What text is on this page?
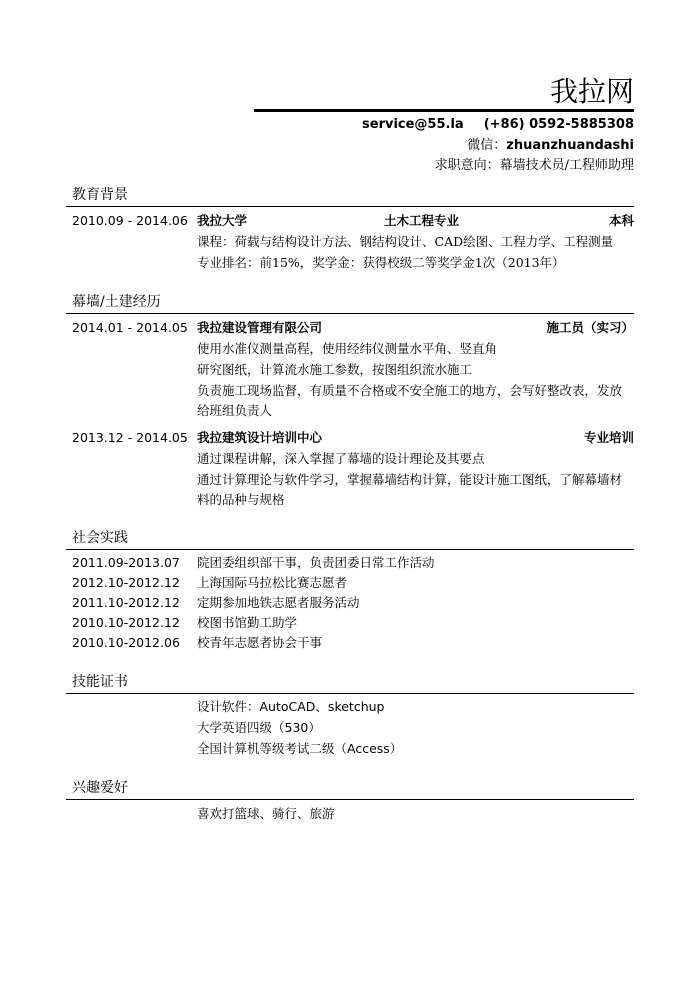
我拉网
service@55.la (+86) 0592-5885308
微信：zhuanzhuandashi
求职意向：幕墙技术员/工程师助理
教育背景
2010.09 - 2014.06 我拉大学	土木工程专业	本科
课程：荷载与结构设计方法、钢结构设计、CAD绘图、工程力学、工程测量
专业排名：前15%，奖学金：获得校级二等奖学金1次（2013年）
幕墙/土建经历
2014.01 - 2014.05 我拉建设管理有限公司	施工员（实习）
使用水准仪测量高程，使用经纬仪测量水平角、竖直角
研究图纸，计算流水施工参数，按图组织流水施工
负责施工现场监督，有质量不合格或不安全施工的地方，会写好整改表，发放给班组负责人
2013.12 - 2014.05 我拉建筑设计培训中心	专业培训
通过课程讲解，深入掌握了幕墙的设计理论及其要点
通过计算理论与软件学习，掌握幕墙结构计算，能设计施工图纸，了解幕墙材料的品种与规格
社会实践
2011.09-2013.07 院团委组织部干事，负责团委日常工作活动
2012.10-2012.12 上海国际马拉松比赛志愿者
2011.10-2012.12 定期参加地铁志愿者服务活动
2010.10-2012.12 校图书馆勤工助学
2010.10-2012.06 校青年志愿者协会干事
技能证书
设计软件：AutoCAD、sketchup
大学英语四级（530）
全国计算机等级考试二级（Access）
兴趣爱好
喜欢打篮球、骑行、旅游
